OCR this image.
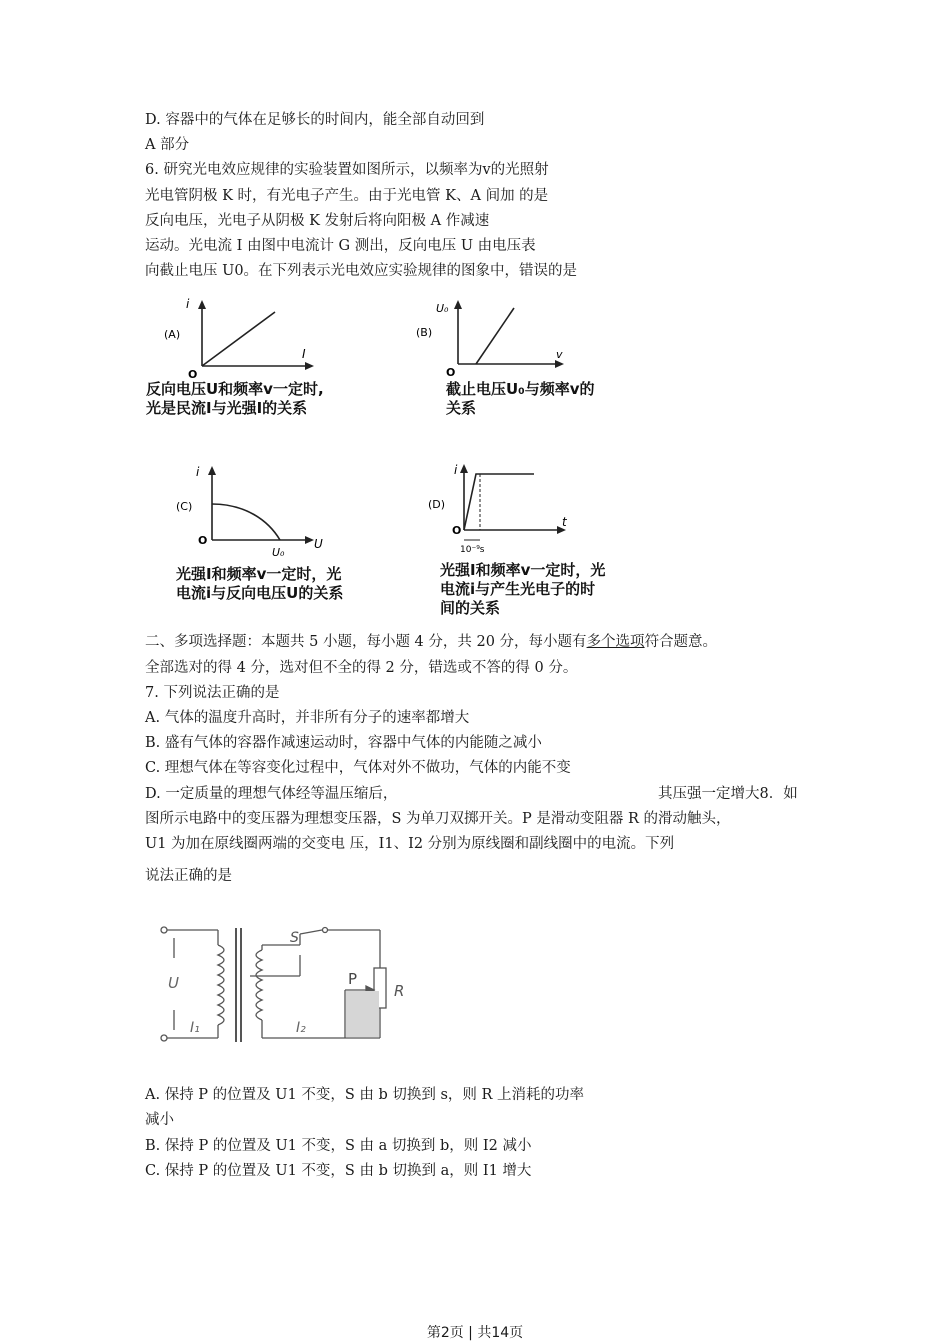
D. 容器中的气体在足够长的时间内，能全部自动回到

A 部分

6. 研究光电效应规律的实验装置如图所示，以频率为v的光照射

光电管阴极 K 时，有光电子产生。由于光电管 K、A 间加 的是

反向电压，光电子从阴极 K 发射后将向阳极 A 作减速

运动。光电流 I 由图中电流计 G 测出，反向电压 U 由电压表

向截止电压 U0。在下列表示光电效应实验规律的图象中，错误的是

(A)
i
I
O
反向电压U和频率v一定时,
光是民流I与光强I的关系
(B)
U₀
v
O
截止电压U₀与频率v的
关系
(C)
i
U
O
U₀
光强I和频率v一定时，光
电流i与反向电压U的关系
(D)
i
t
O
10⁻⁹s
光强I和频率v一定时，光
电流i与产生光电子的时
间的关系

二、多项选择题：本题共 5 小题，每小题 4 分，共 20 分，每小题有多个选项符合题意。

全部选对的得 4 分，选对但不全的得 2 分，错选或不答的得 0 分。

7. 下列说法正确的是

A. 气体的温度升高时，并非所有分子的速率都增大

B. 盛有气体的容器作减速运动时，容器中气体的内能随之减小

C. 理想气体在等容变化过程中，气体对外不做功，气体的内能不变

D. 一定质量的理想气体经等温压缩后，	其压强一定增大8．如

图所示电路中的变压器为理想变压器，S 为单刀双掷开关。P 是滑动变阻器 R 的滑动触头，

U1 为加在原线圈两端的交变电 压，I1、I2 分别为原线圈和副线圈中的电流。下列

说法正确的是

U
I₁	I₂
S
P
R

A. 保持 P 的位置及 U1 不变，S 由 b 切换到 s，则 R 上消耗的功率

减小

B. 保持 P 的位置及 U1 不变，S 由 a 切换到 b，则 I2 减小

C. 保持 P 的位置及 U1 不变，S 由 b 切换到 a，则 I1 增大

第2页 | 共14页
